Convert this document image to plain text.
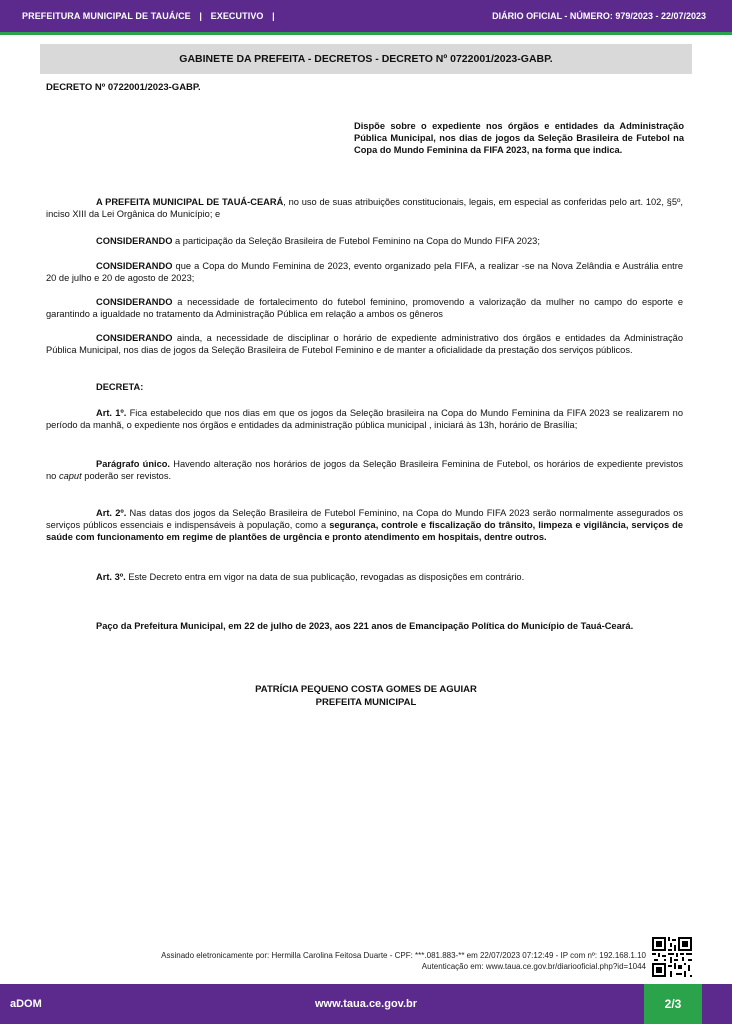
PREFEITURA MUNICIPAL DE TAUÁ/CE | EXECUTIVO |	DIÁRIO OFICIAL - NÚMERO: 979/2023 - 22/07/2023
GABINETE DA PREFEITA - DECRETOS - DECRETO Nº 0722001/2023-GABP.
DECRETO Nº 0722001/2023-GABP.
Dispõe sobre o expediente nos órgãos e entidades da Administração Pública Municipal, nos dias de jogos da Seleção Brasileira de Futebol na Copa do Mundo Feminina da FIFA 2023, na forma que indica.
A PREFEITA MUNICIPAL DE TAUÁ-CEARÁ, no uso de suas atribuições constitucionais, legais, em especial as conferidas pelo art. 102, §5º, inciso XIII da Lei Orgânica do Município; e
CONSIDERANDO a participação da Seleção Brasileira de Futebol Feminino na Copa do Mundo FIFA 2023;
CONSIDERANDO que a Copa do Mundo Feminina de 2023, evento organizado pela FIFA, a realizar -se na Nova Zelândia e Austrália entre 20 de julho e 20 de agosto de 2023;
CONSIDERANDO a necessidade de fortalecimento do futebol feminino, promovendo a valorização da mulher no campo do esporte e garantindo a igualdade no tratamento da Administração Pública em relação a ambos os gêneros
CONSIDERANDO ainda, a necessidade de disciplinar o horário de expediente administrativo dos órgãos e entidades da Administração Pública Municipal, nos dias de jogos da Seleção Brasileira de Futebol Feminino e de manter a oficialidade da prestação dos serviços públicos.
DECRETA:
Art. 1º. Fica estabelecido que nos dias em que os jogos da Seleção brasileira na Copa do Mundo Feminina da FIFA 2023 se realizarem no período da manhã, o expediente nos órgãos e entidades da administração pública municipal , iniciará às 13h, horário de Brasília;
Parágrafo único. Havendo alteração nos horários de jogos da Seleção Brasileira Feminina de Futebol, os horários de expediente previstos no caput poderão ser revistos.
Art. 2º. Nas datas dos jogos da Seleção Brasileira de Futebol Feminino, na Copa do Mundo FIFA 2023 serão normalmente assegurados os serviços públicos essenciais e indispensáveis à população, como a segurança, controle e fiscalização do trânsito, limpeza e vigilância, serviços de saúde com funcionamento em regime de plantões de urgência e pronto atendimento em hospitais, dentre outros.
Art. 3º. Este Decreto entra em vigor na data de sua publicação, revogadas as disposições em contrário.
Paço da Prefeitura Municipal, em 22 de julho de 2023, aos 221 anos de Emancipação Política do Município de Tauá-Ceará.
PATRÍCIA PEQUENO COSTA GOMES DE AGUIAR
PREFEITA MUNICIPAL
Assinado eletronicamente por: Hermilla Carolina Feitosa Duarte - CPF: ***.081.883-** em 22/07/2023 07:12:49 - IP com nº: 192.168.1.10
Autenticação em: www.taua.ce.gov.br/diariooficial.php?id=1044
aDOM	www.taua.ce.gov.br	2/3
